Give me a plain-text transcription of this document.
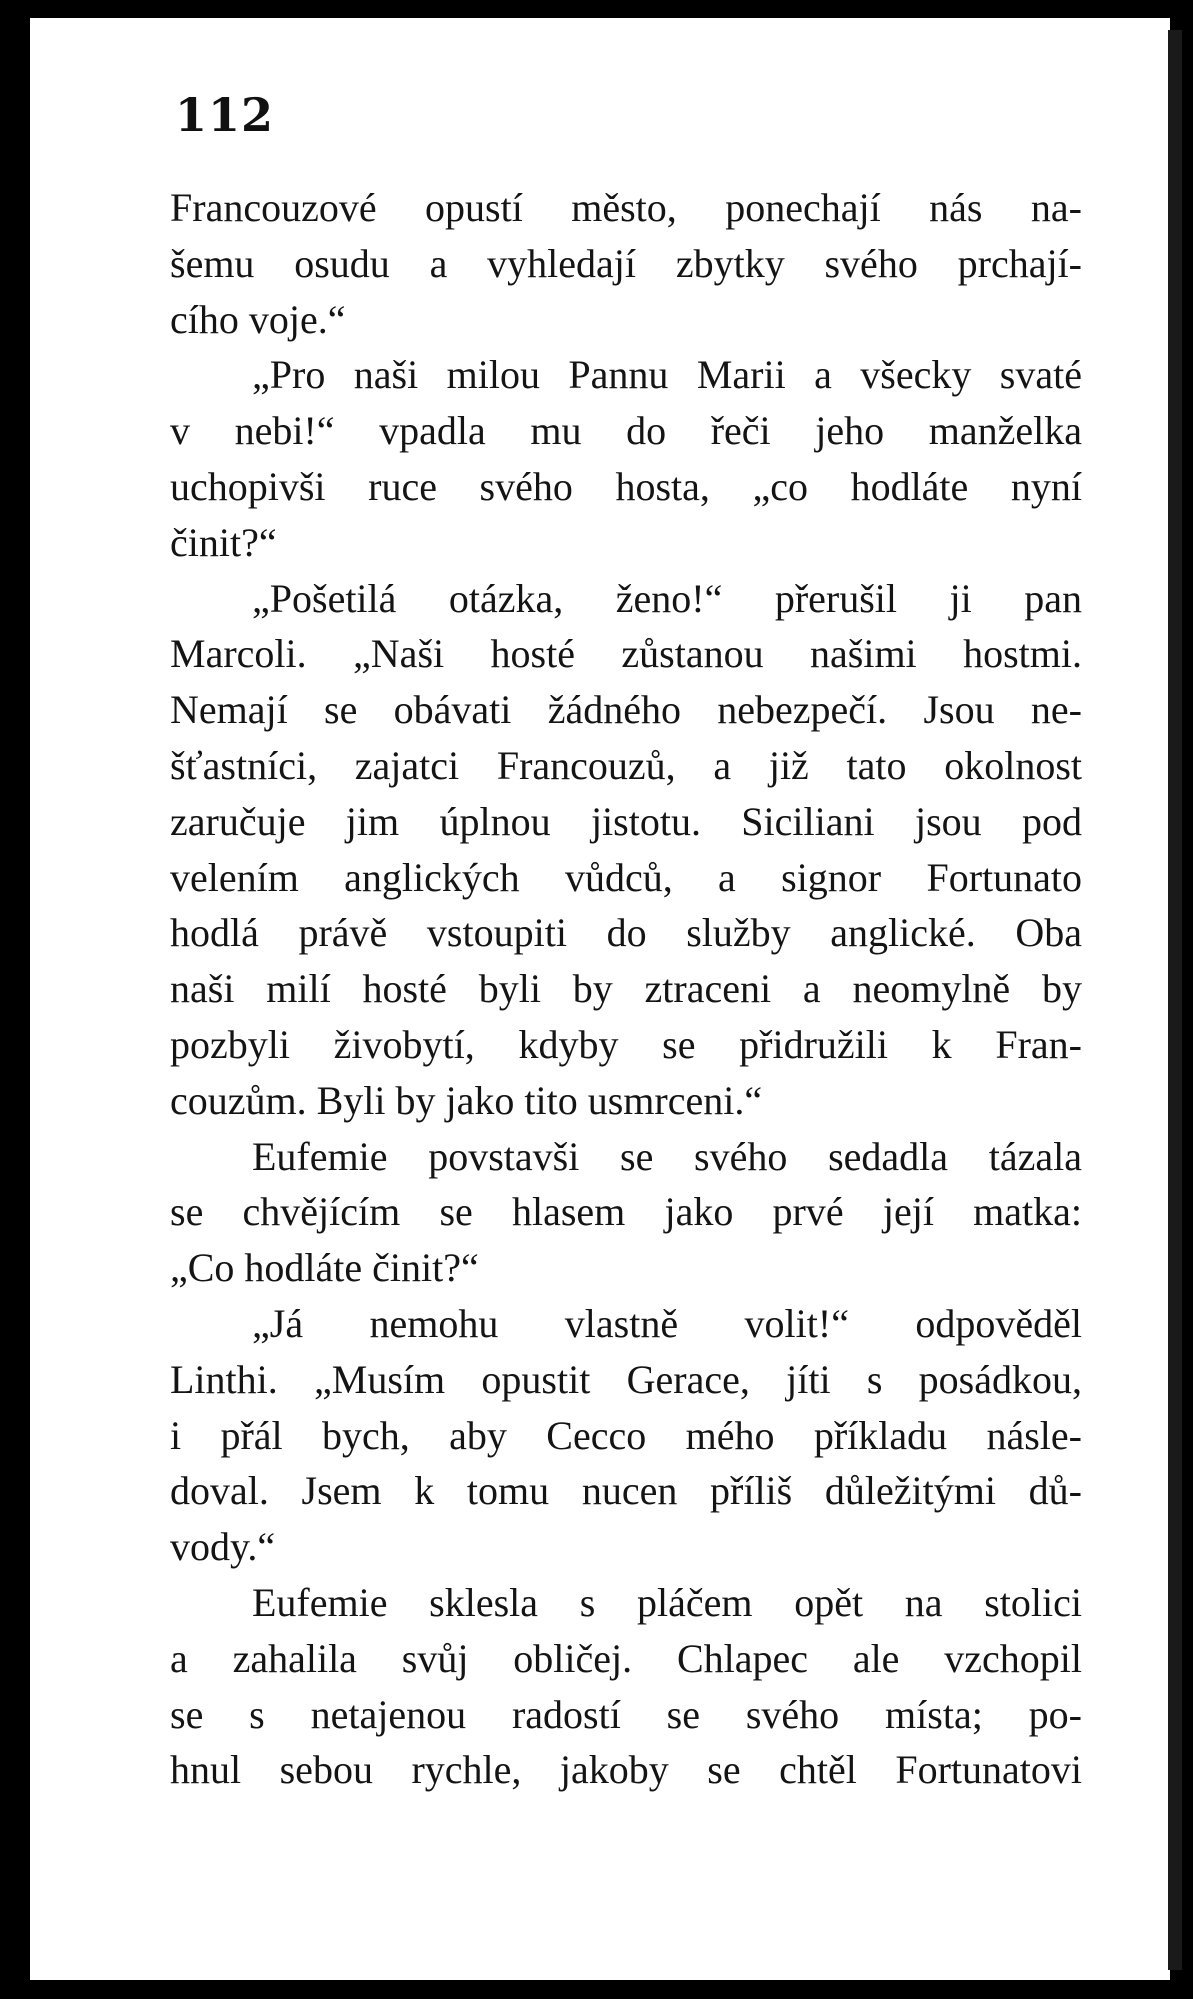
112
Francouzové opustí město, ponechají nás na-
šemu osudu a vyhledají zbytky svého prchají-
cího voje.“
„Pro naši milou Pannu Marii a všecky svaté
v nebi!“ vpadla mu do řeči jeho manželka
uchopivši ruce svého hosta, „co hodláte nyní
činit?“
„Pošetilá otázka, ženo!“ přerušil ji pan
Marcoli. „Naši hosté zůstanou našimi hostmi.
Nemají se obávati žádného nebezpečí. Jsou ne-
šťastníci, zajatci Francouzů, a již tato okolnost
zaručuje jim úplnou jistotu. Siciliani jsou pod
velením anglických vůdců, a signor Fortunato
hodlá právě vstoupiti do služby anglické. Oba
naši milí hosté byli by ztraceni a neomylně by
pozbyli živobytí, kdyby se přidružili k Fran-
couzům. Byli by jako tito usmrceni.“
Eufemie povstavši se svého sedadla tázala
se chvějícím se hlasem jako prvé její matka:
„Co hodláte činit?“
„Já nemohu vlastně volit!“ odpověděl
Linthi. „Musím opustit Gerace, jíti s posádkou,
i přál bych, aby Cecco mého příkladu násle-
doval. Jsem k tomu nucen příliš důležitými dů-
vody.“
Eufemie sklesla s pláčem opět na stolici
a zahalila svůj obličej. Chlapec ale vzchopil
se s netajenou radostí se svého místa; po-
hnul sebou rychle, jakoby se chtěl Fortunatovi
